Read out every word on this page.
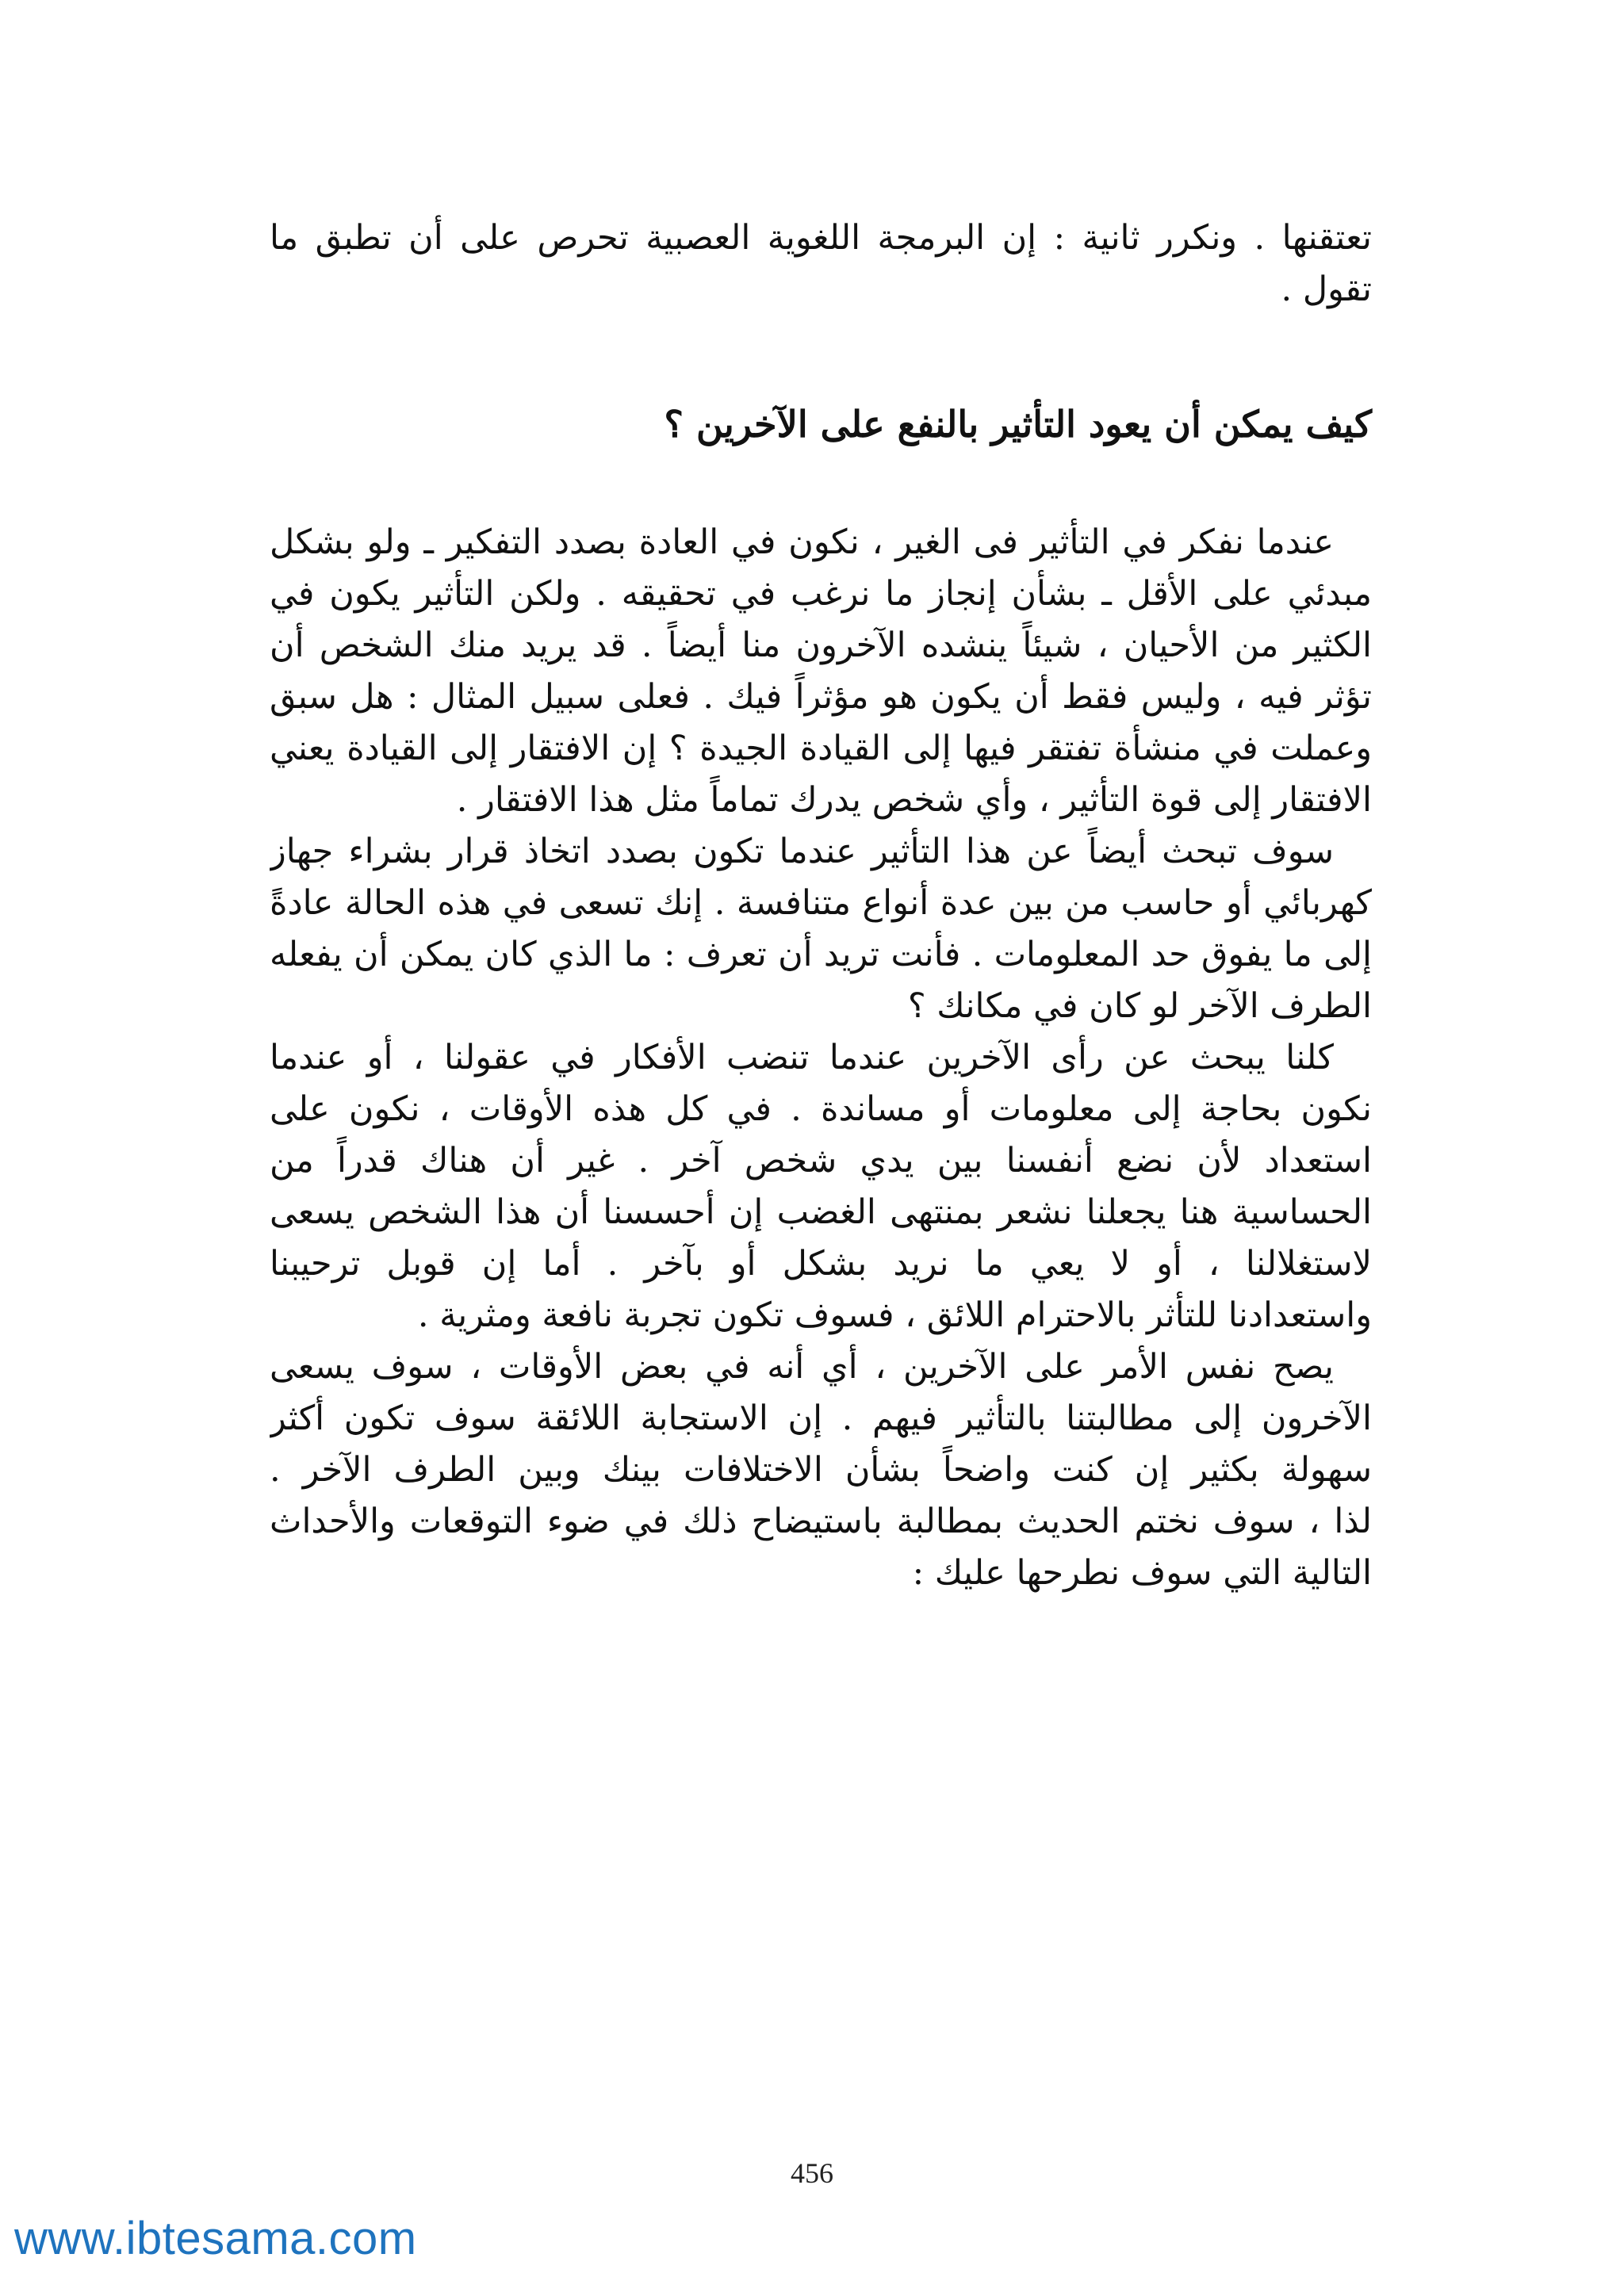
تعتقنها . ونكرر ثانية : إن البرمجة اللغوية العصبية تحرص على أن تطبق ما
تقول .
كيف يمكن أن يعود التأثير بالنفع على الآخرين ؟
عندما نفكر في التأثير فى الغير ، نكون في العادة بصدد التفكير ـ ولو بشكل
مبدئي على الأقل ـ بشأن إنجاز ما نرغب في تحقيقه . ولكن التأثير يكون في
الكثير من الأحيان ، شيئاً ينشده الآخرون منا أيضاً . قد يريد منك الشخص أن
تؤثر فيه ، وليس فقط أن يكون هو مؤثراً فيك . فعلى سبيل المثال : هل سبق
وعملت في منشأة تفتقر فيها إلى القيادة الجيدة ؟ إن الافتقار إلى القيادة يعني
الافتقار إلى قوة التأثير ، وأي شخص يدرك تماماً مثل هذا الافتقار .
سوف تبحث أيضاً عن هذا التأثير عندما تكون بصدد اتخاذ قرار بشراء جهاز
كهربائي أو حاسب من بين عدة أنواع متنافسة . إنك تسعى في هذه الحالة عادةً
إلى ما يفوق حد المعلومات . فأنت تريد أن تعرف : ما الذي كان يمكن أن يفعله
الطرف الآخر لو كان في مكانك ؟
كلنا يبحث عن رأى الآخرين عندما تنضب الأفكار في عقولنا ، أو عندما
نكون بحاجة إلى معلومات أو مساندة . في كل هذه الأوقات ، نكون على
استعداد لأن نضع أنفسنا بين يدي شخص آخر . غير أن هناك قدراً من
الحساسية هنا يجعلنا نشعر بمنتهى الغضب إن أحسسنا أن هذا الشخص يسعى
لاستغلالنا ، أو لا يعي ما نريد بشكل أو بآخر . أما إن قوبل ترحيبنا
واستعدادنا للتأثر بالاحترام اللائق ، فسوف تكون تجربة نافعة ومثرية .
يصح نفس الأمر على الآخرين ، أي أنه في بعض الأوقات ، سوف يسعى
الآخرون إلى مطالبتنا بالتأثير فيهم . إن الاستجابة اللائقة سوف تكون أكثر
سهولة بكثير إن كنت واضحاً بشأن الاختلافات بينك وبين الطرف الآخر .
لذا ، سوف نختم الحديث بمطالبة باستيضاح ذلك في ضوء التوقعات والأحداث
التالية التي سوف نطرحها عليك :
456
www.ibtesama.com
